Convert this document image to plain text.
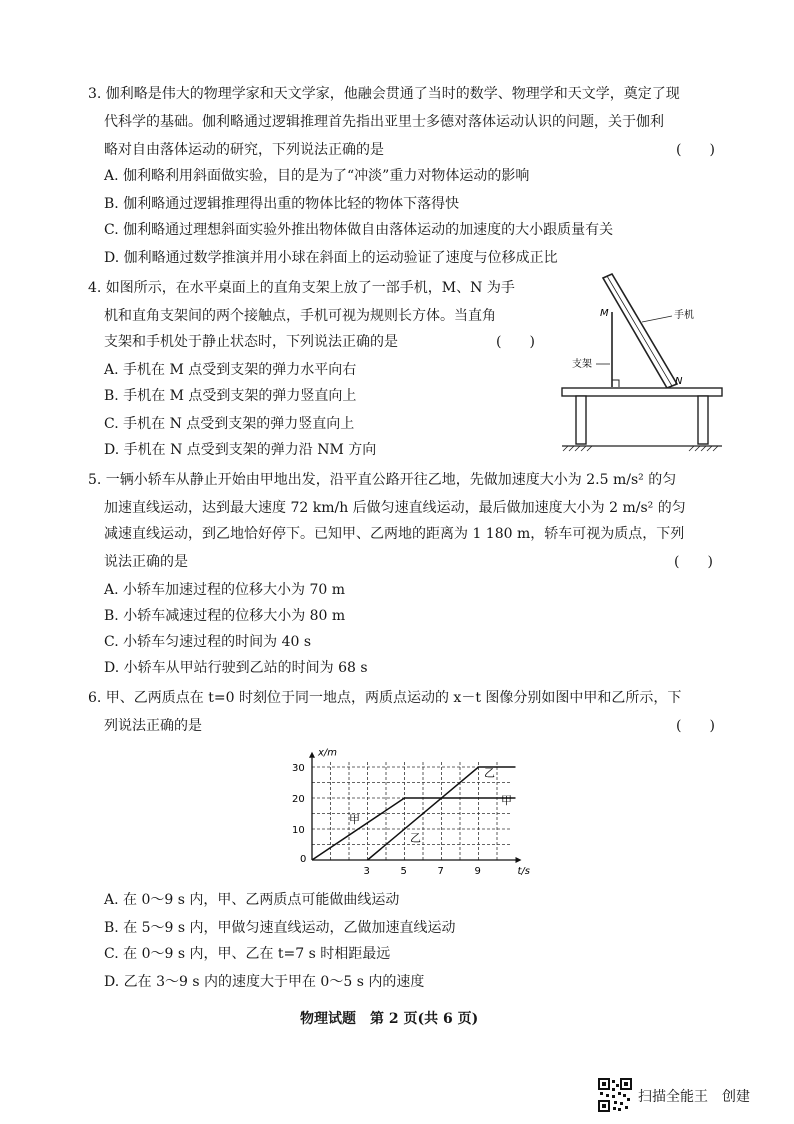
3. 伽利略是伟大的物理学家和天文学家，他融会贯通了当时的数学、物理学和天文学，奠定了现
代科学的基础。伽利略通过逻辑推理首先指出亚里士多德对落体运动认识的问题，关于伽利
略对自由落体运动的研究，下列说法正确的是	(　　)
A. 伽利略利用斜面做实验，目的是为了“冲淡”重力对物体运动的影响
B. 伽利略通过逻辑推理得出重的物体比轻的物体下落得快
C. 伽利略通过理想斜面实验外推出物体做自由落体运动的加速度的大小跟质量有关
D. 伽利略通过数学推演并用小球在斜面上的运动验证了速度与位移成正比
4. 如图所示，在水平桌面上的直角支架上放了一部手机，M、N 为手
机和直角支架间的两个接触点，手机可视为规则长方体。当直角
支架和手机处于静止状态时，下列说法正确的是	(　　)
A. 手机在 M 点受到支架的弹力水平向右
B. 手机在 M 点受到支架的弹力竖直向上
C. 手机在 N 点受到支架的弹力竖直向上
D. 手机在 N 点受到支架的弹力沿 NM 方向
M
N
手机
支架
5. 一辆小轿车从静止开始由甲地出发，沿平直公路开往乙地，先做加速度大小为 2.5 m/s² 的匀
加速直线运动，达到最大速度 72 km/h 后做匀速直线运动，最后做加速度大小为 2 m/s² 的匀
减速直线运动，到乙地恰好停下。已知甲、乙两地的距离为 1 180 m，轿车可视为质点，下列
说法正确的是	(　　)
A. 小轿车加速过程的位移大小为 70 m
B. 小轿车减速过程的位移大小为 80 m
C. 小轿车匀速过程的时间为 40 s
D. 小轿车从甲站行驶到乙站的时间为 68 s
6. 甲、乙两质点在 t=0 时刻位于同一地点，两质点运动的 x－t 图像分别如图中甲和乙所示，下
列说法正确的是	(　　)
x/m
t/s
0
3	5	7	9
10
20
30
甲
甲
乙
乙
A. 在 0～9 s 内，甲、乙两质点可能做曲线运动
B. 在 5～9 s 内，甲做匀速直线运动，乙做加速直线运动
C. 在 0～9 s 内，甲、乙在 t=7 s 时相距最远
D. 乙在 3～9 s 内的速度大于甲在 0～5 s 内的速度
物理试题　第 2 页(共 6 页)
扫描全能王　创建
